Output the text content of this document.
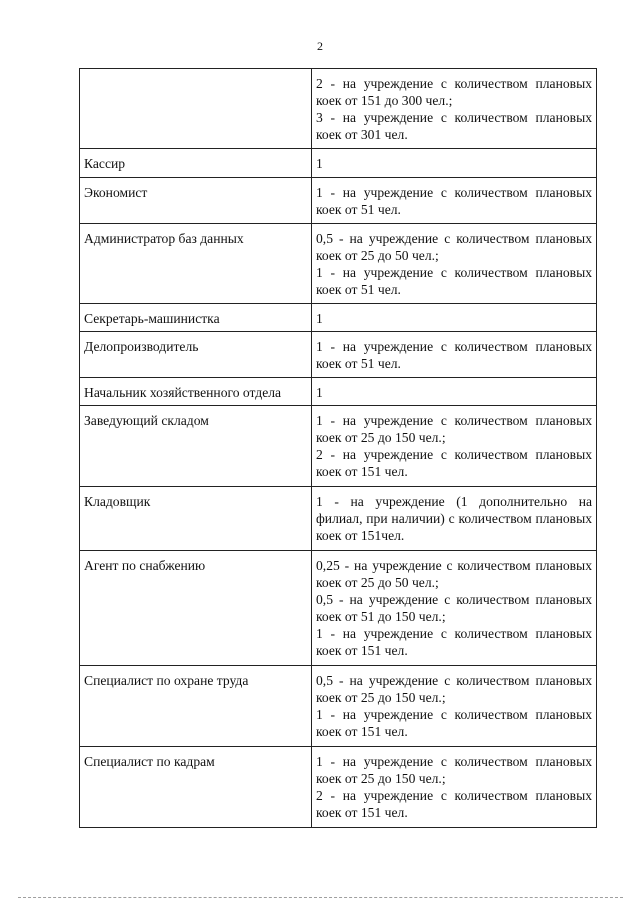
2

	2 - на учреждение с количеством плановых коек от 151 до 300 чел.;

3 - на учреждение с количеством плановых коек от 301 чел.

Кассир	1

Экономист	1 - на учреждение с количеством плановых коек от 51 чел.

Администратор баз данных	0,5 - на учреждение с количеством плановых коек от 25 до 50 чел.;

1 - на учреждение с количеством плановых коек от 51 чел.

Секретарь-машинистка	1

Делопроизводитель	1 - на учреждение с количеством плановых коек от 51 чел.

Начальник хозяйственного отдела	1

Заведующий складом	1 - на учреждение с количеством плановых коек от 25 до 150 чел.;

2 - на учреждение с количеством плановых коек от 151 чел.

Кладовщик	1 - на учреждение (1 дополнительно на филиал, при наличии) с количеством плановых коек от 151чел.

Агент по снабжению	0,25 - на учреждение с количеством плановых коек от 25 до 50 чел.;

0,5 - на учреждение с количеством плановых коек от 51 до 150 чел.;

1 - на учреждение с количеством плановых коек от 151 чел.

Специалист по охране труда	0,5 - на учреждение с количеством плановых коек от 25 до 150 чел.;

1 - на учреждение с количеством плановых коек от 151 чел.

Специалист по кадрам	1 - на учреждение с количеством плановых коек от 25 до 150 чел.;

2 - на учреждение с количеством плановых коек от 151 чел.
